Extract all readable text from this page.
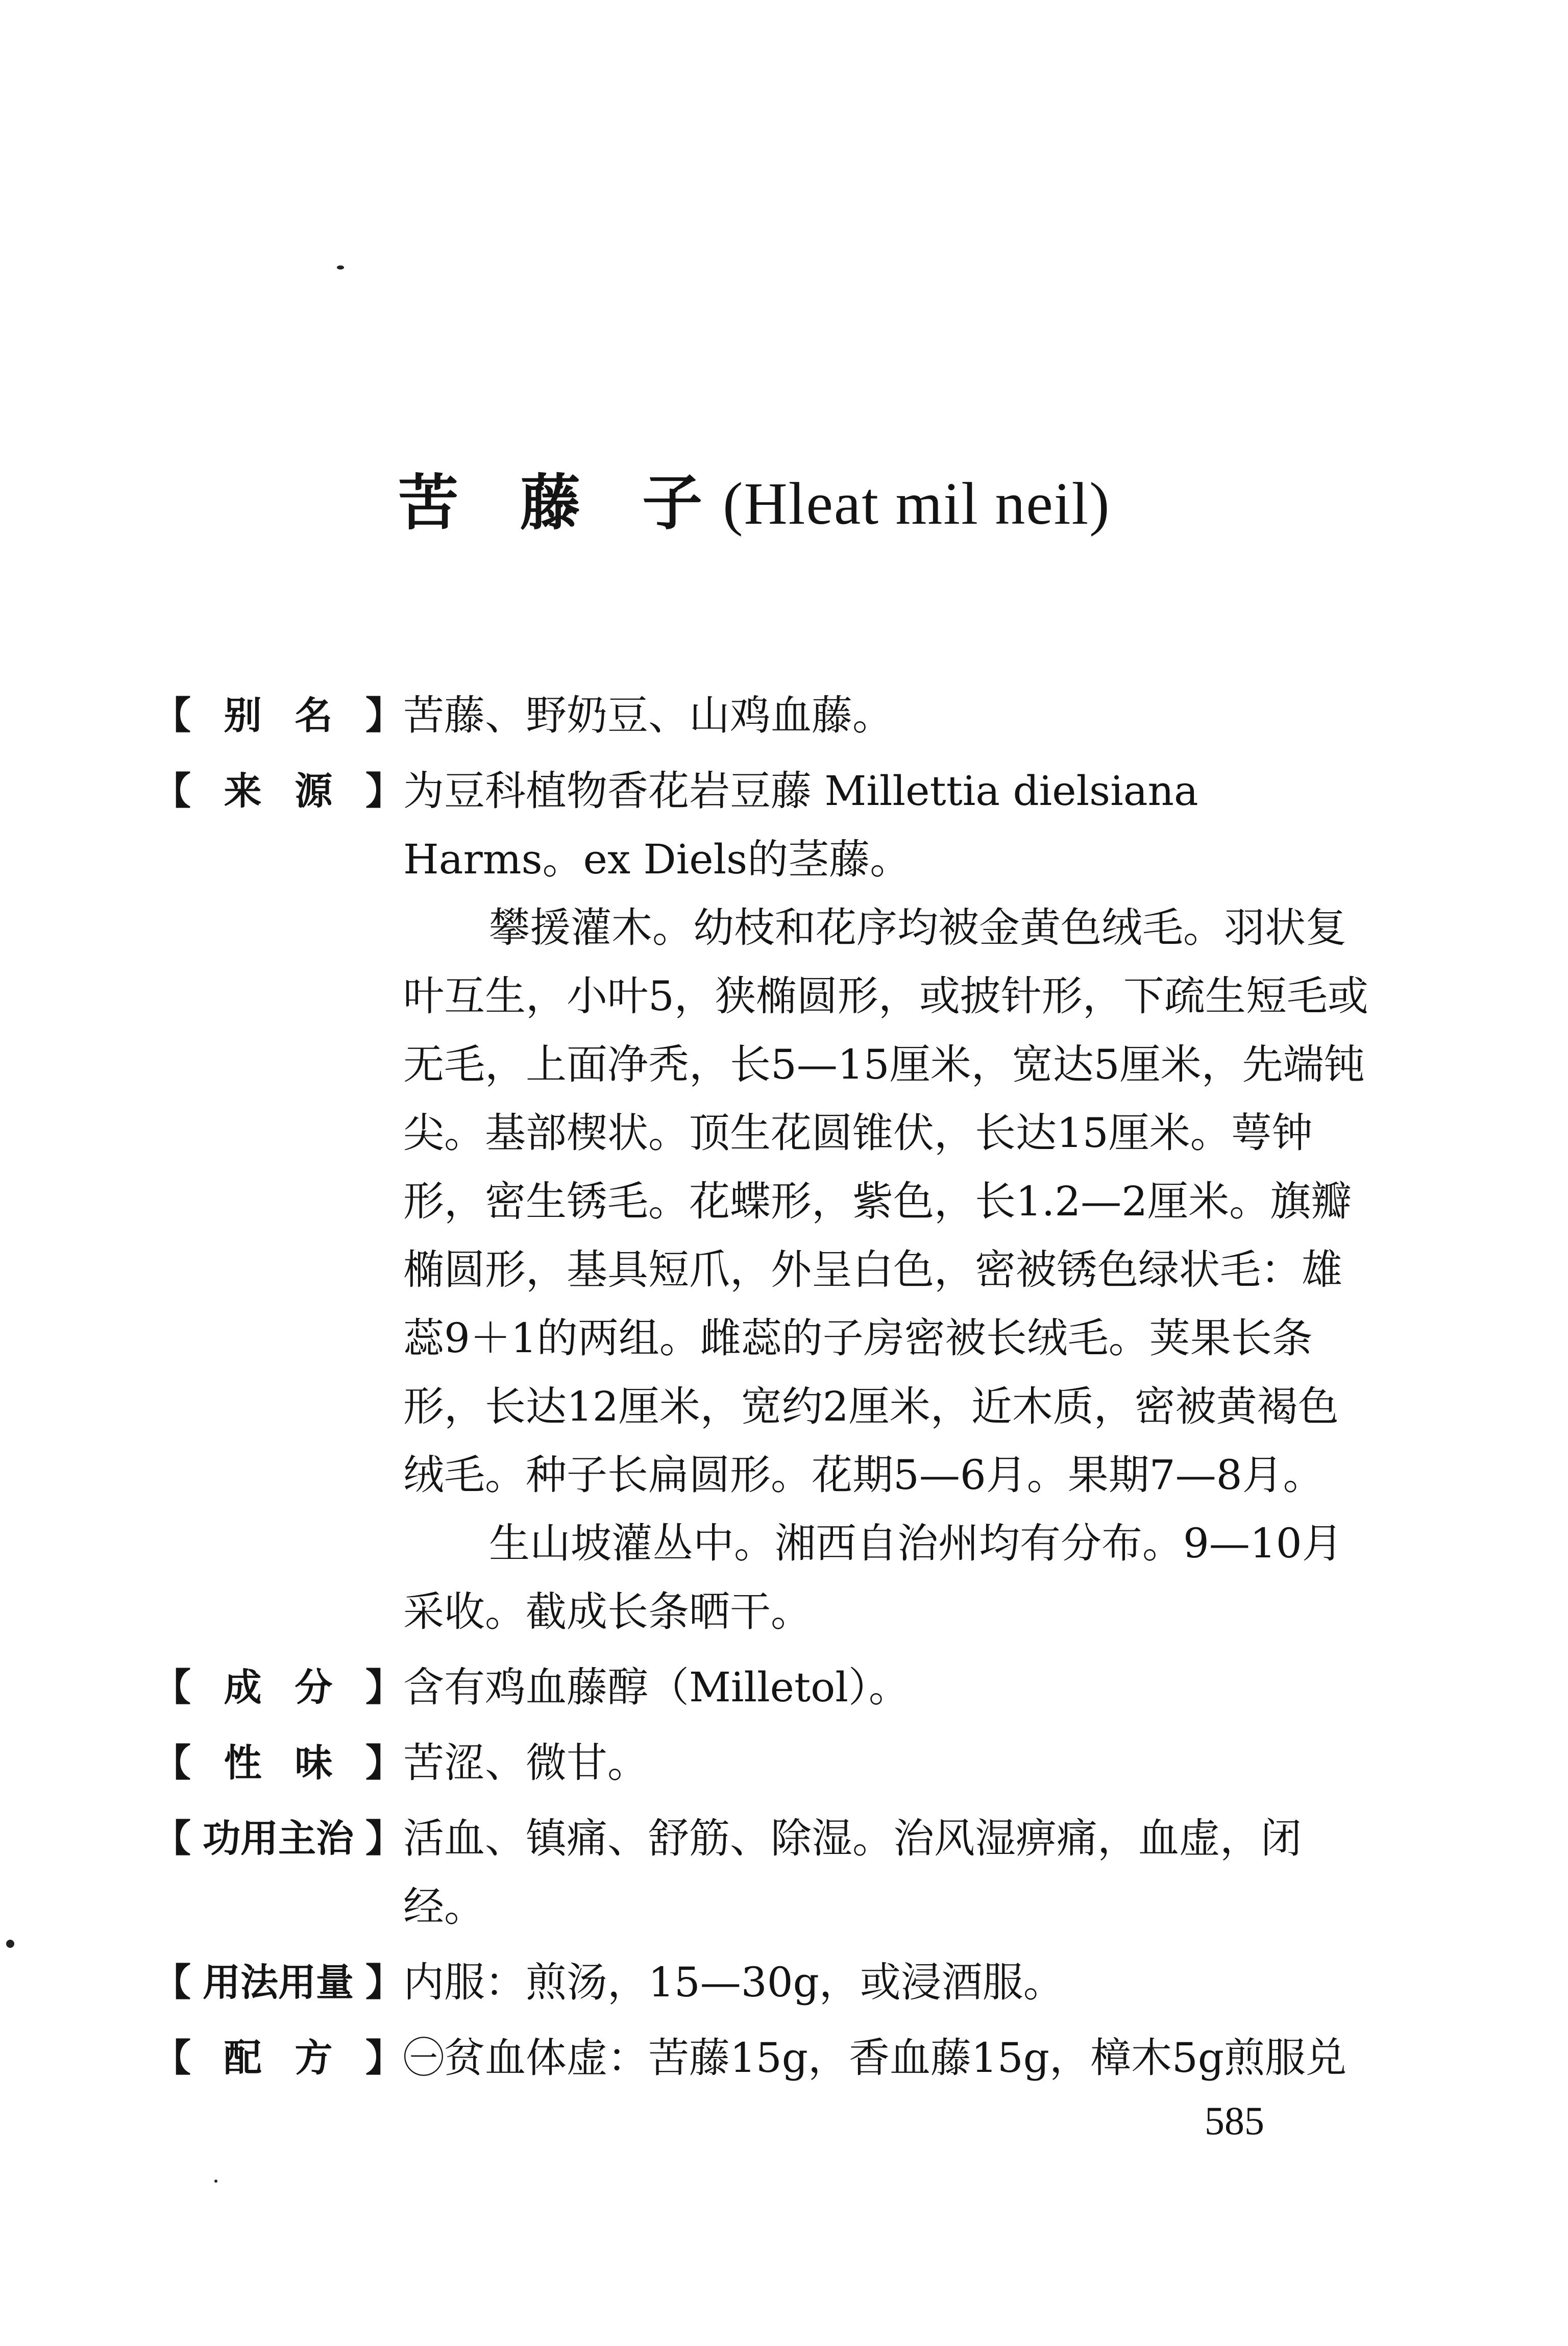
苦 藤 子(Hleat mil neil)
【 别 名 】 苦藤、野奶豆、山鸡血藤。

【 来 源 】 为豆科植物香花岩豆藤 Millettia dielsiana Harms。ex Diels的茎藤。

攀援灌木。幼枝和花序均被金黄色绒毛。羽状复叶互生，小叶5，狭椭圆形，或披针形，下疏生短毛或无毛，上面净秃，长5—15厘米，宽达5厘米，先端钝尖。基部楔状。顶生花圆锥伏，长达15厘米。萼钟形，密生锈毛。花蝶形，紫色，长1.2—2厘米。旗瓣椭圆形，基具短爪，外呈白色，密被锈色绿状毛：雄蕊9＋1的两组。雌蕊的子房密被长绒毛。荚果长条形，长达12厘米，宽约2厘米，近木质，密被黄褐色绒毛。种子长扁圆形。花期5—6月。果期7—8月。

生山坡灌丛中。湘西自治州均有分布。9—10月采收。截成长条晒干。

【 成 分 】 含有鸡血藤醇（Milletol）。

【 性 味 】 苦涩、微甘。

【 功用主治 】 活血、镇痛、舒筋、除湿。治风湿痹痛，血虚，闭经。

【 用法用量 】 内服：煎汤，15—30g，或浸酒服。

【 配 方 】 ㊀贫血体虚：苦藤15g，香血藤15g，樟木5g煎服兑

585
